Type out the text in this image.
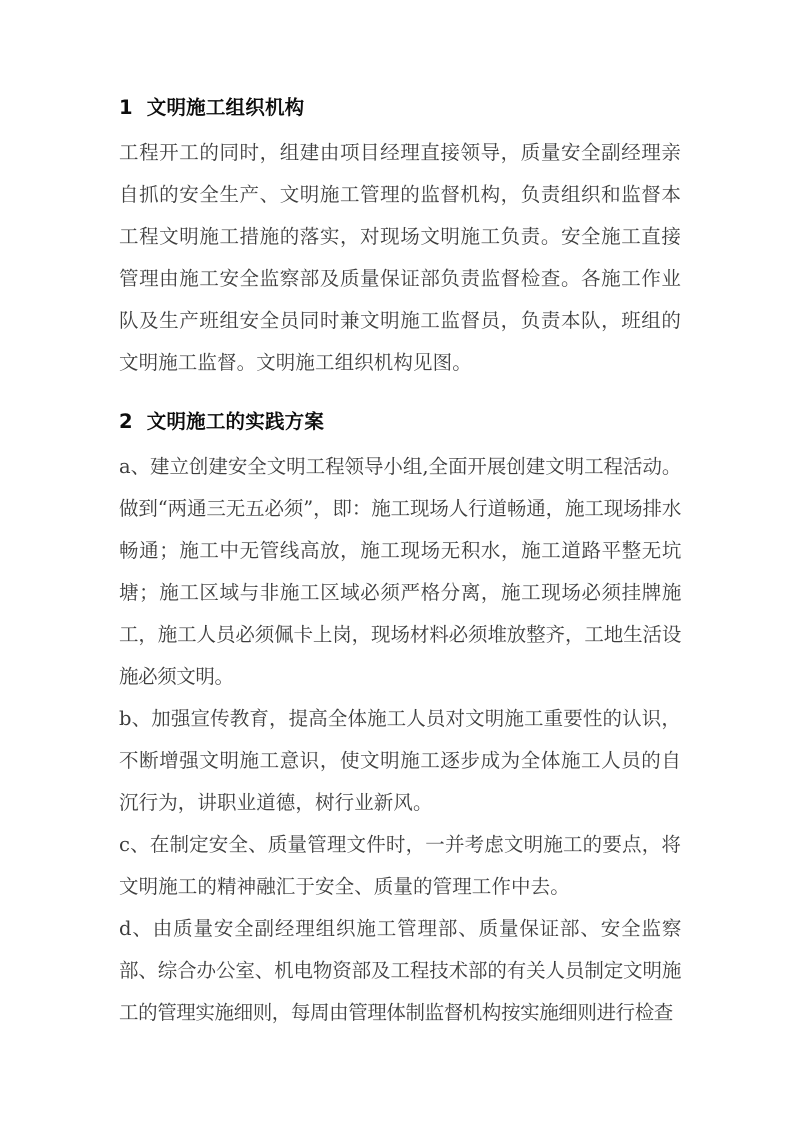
1  文明施工组织机构

工程开工的同时，组建由项目经理直接领导，质量安全副经理亲自抓的安全生产、文明施工管理的监督机构，负责组织和监督本工程文明施工措施的落实，对现场文明施工负责。安全施工直接管理由施工安全监察部及质量保证部负责监督检查。各施工作业队及生产班组安全员同时兼文明施工监督员，负责本队，班组的文明施工监督。文明施工组织机构见图。

2  文明施工的实践方案

a、建立创建安全文明工程领导小组,全面开展创建文明工程活动。做到“两通三无五必须”，即：施工现场人行道畅通，施工现场排水畅通；施工中无管线高放，施工现场无积水，施工道路平整无坑塘；施工区域与非施工区域必须严格分离，施工现场必须挂牌施工，施工人员必须佩卡上岗，现场材料必须堆放整齐，工地生活设施必须文明。

b、加强宣传教育，提高全体施工人员对文明施工重要性的认识，不断增强文明施工意识，使文明施工逐步成为全体施工人员的自沉行为，讲职业道德，树行业新风。

c、在制定安全、质量管理文件时，一并考虑文明施工的要点，将文明施工的精神融汇于安全、质量的管理工作中去。

d、由质量安全副经理组织施工管理部、质量保证部、安全监察部、综合办公室、机电物资部及工程技术部的有关人员制定文明施工的管理实施细则，每周由管理体制监督机构按实施细则进行检查
